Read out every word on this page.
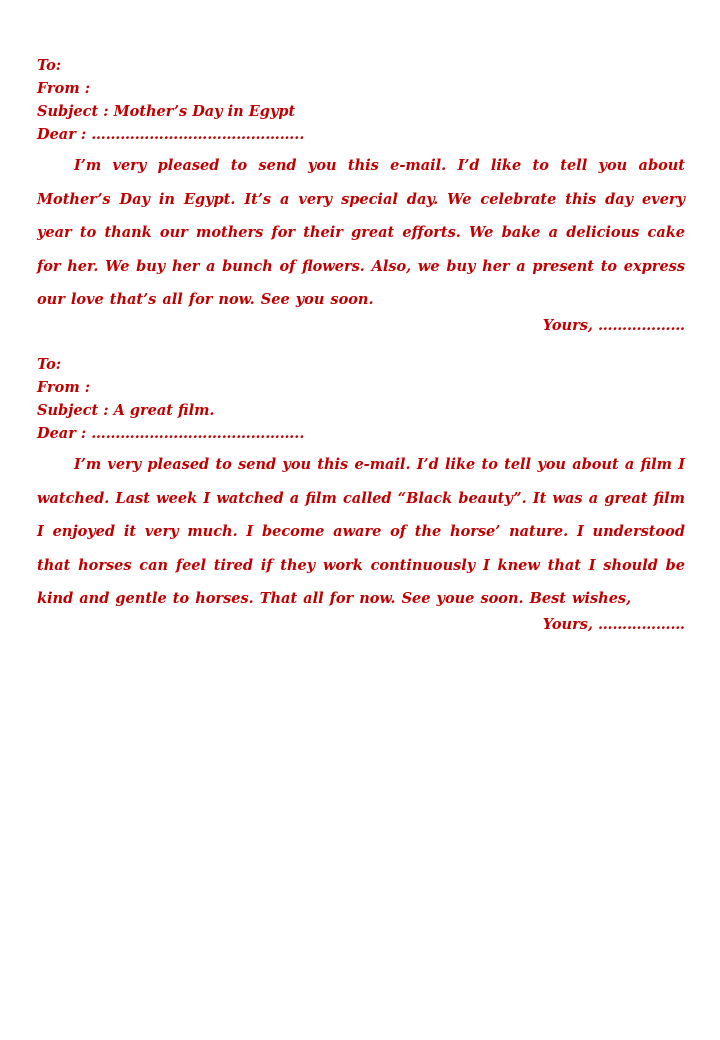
To:
From :
Subject : Mother’s Day in Egypt
Dear : ……………………………………..
I’m very pleased to send you this e-mail. I’d like to tell you about Mother’s Day in Egypt. It’s a very special day. We celebrate this day every year to thank our mothers for their great efforts. We bake a delicious cake for her. We buy her a bunch of flowers. Also, we buy her a present to express our love that’s all for now. See you soon.
Yours, ………………
To:
From :
Subject : A great film.
Dear : ……………………………………..
I’m very pleased to send you this e-mail. I’d like to tell you about a film I watched. Last week I watched a film called “Black beauty”. It was a great film I enjoyed it very much. I become aware of the horse’ nature. I understood that horses can feel tired if they work continuously I knew that I should be kind and gentle to horses. That all for now. See youe soon. Best wishes,
Yours, ………………
